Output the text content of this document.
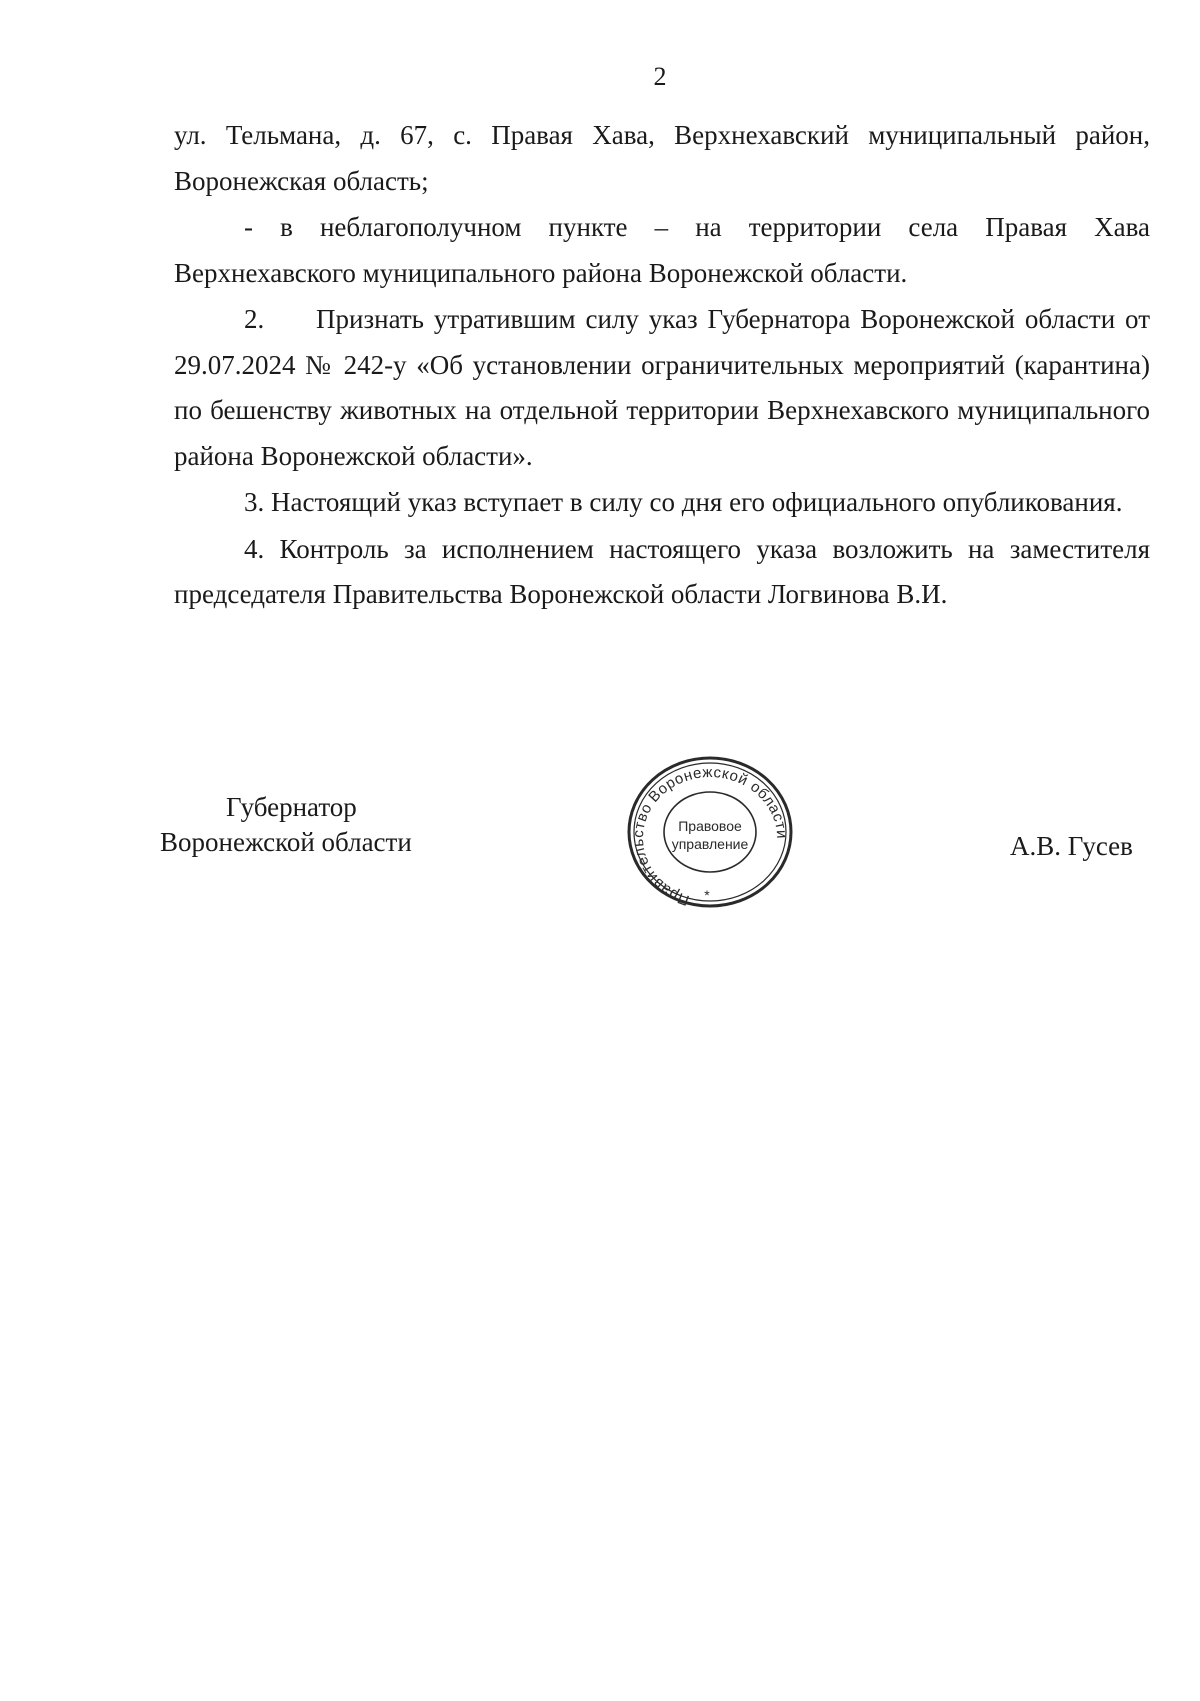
2

ул. Тельмана, д. 67, с. Правая Хава, Верхнехавский муниципальный район, Воронежская область;

- в неблагополучном пункте – на территории села Правая Хава Верхнехавского муниципального района Воронежской области.

2. Признать утратившим силу указ Губернатора Воронежской области от 29.07.2024 № 242-у «Об установлении ограничительных мероприятий (карантина) по бешенству животных на отдельной территории Верхнехавского муниципального района Воронежской области».

3. Настоящий указ вступает в силу со дня его официального опубликования.

4. Контроль за исполнением настоящего указа возложить на заместителя председателя Правительства Воронежской области Логвинова В.И.

Губернатор
Воронежской области
Правительство Воронежской области
Правовое
управление
*
А.В. Гусев
